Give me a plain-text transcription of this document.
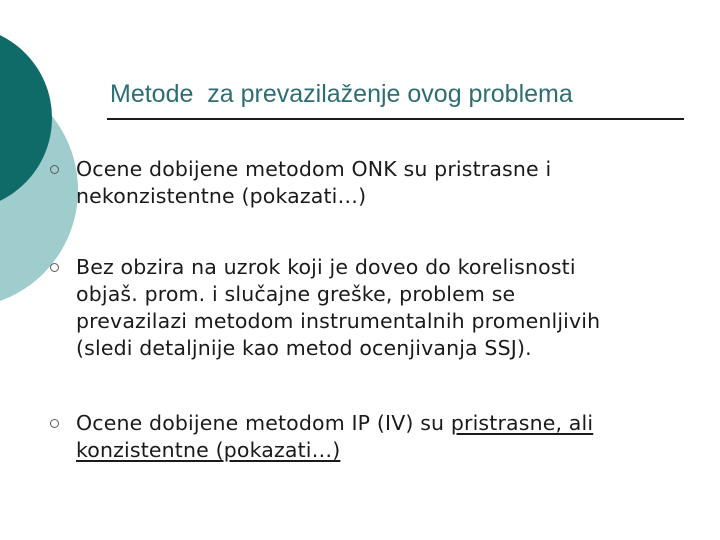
Metode  za prevazilaženje ovog problema
Ocene dobijene metodom ONK su pristrasne i
nekonzistentne (pokazati…)
Bez obzira na uzrok koji je doveo do korelisnosti
objaš. prom. i slučajne greške, problem se
prevazilazi metodom instrumentalnih promenljivih
(sledi detaljnije kao metod ocenjivanja SSJ).
Ocene dobijene metodom IP (IV) su pristrasne, ali
konzistentne (pokazati…)
